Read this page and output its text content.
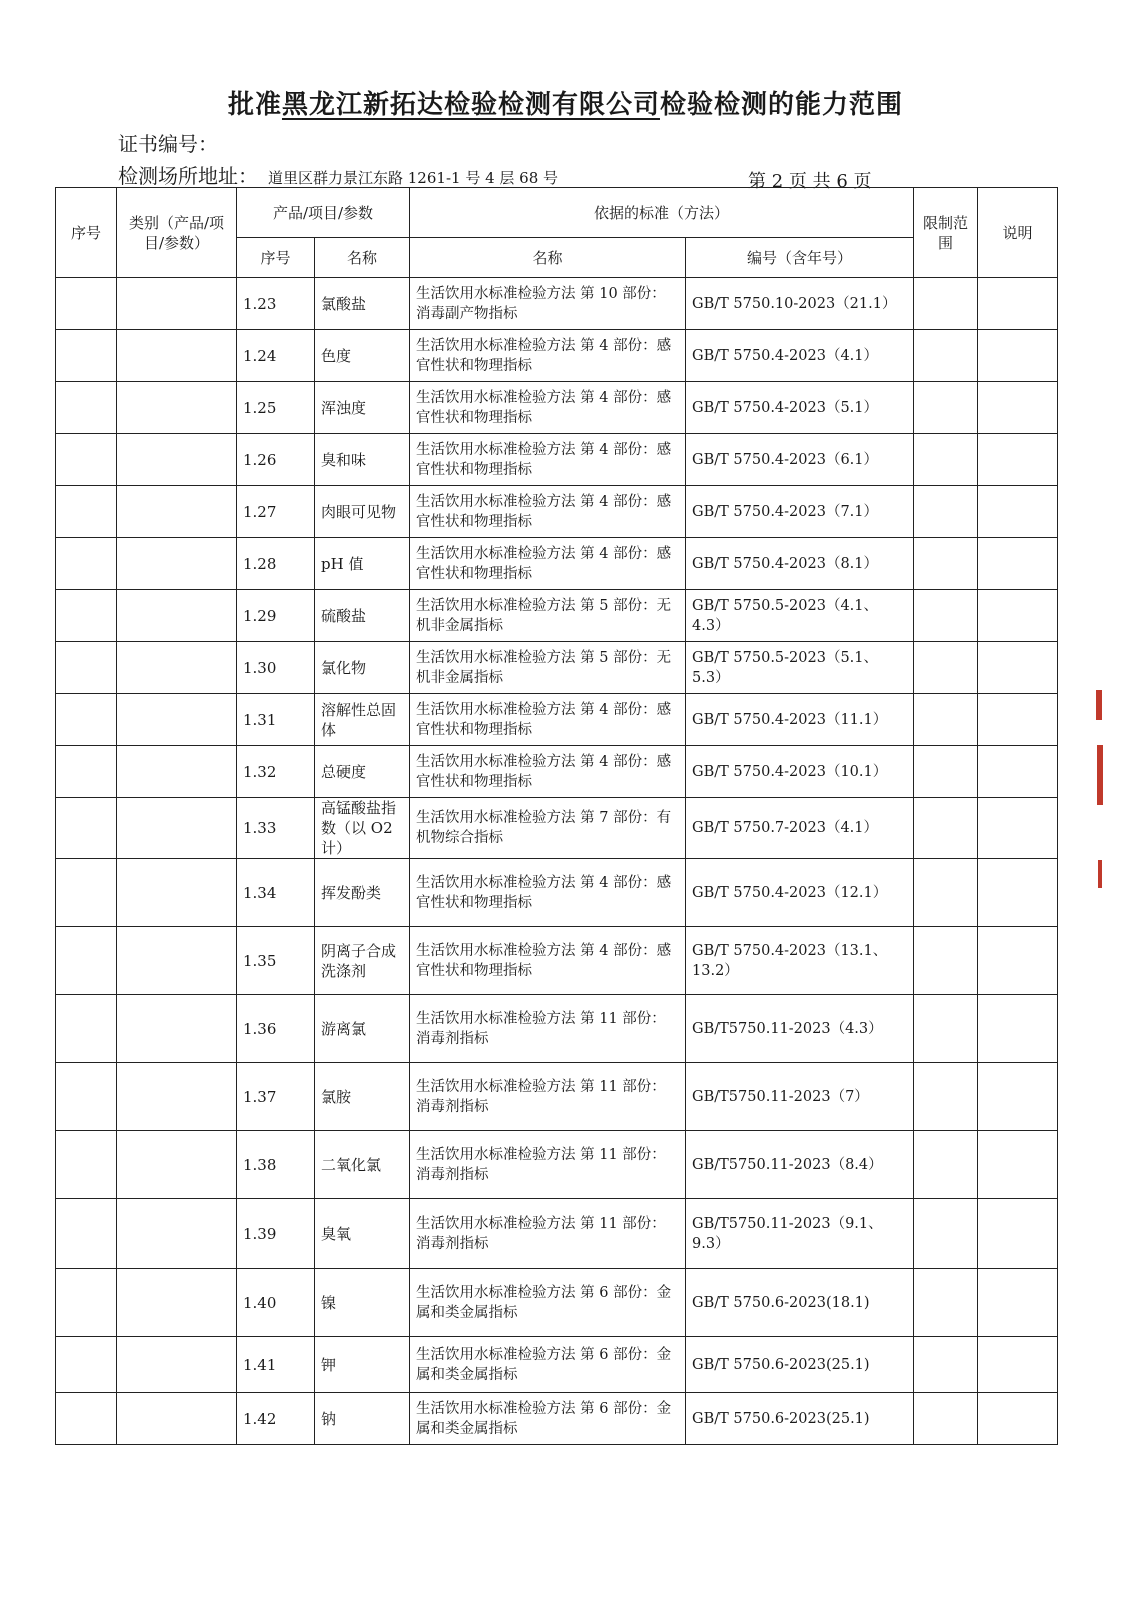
批准黑龙江新拓达检验检测有限公司检验检测的能力范围
证书编号：
检测场所地址： 道里区群力景江东路 1261-1 号 4 层 68 号	第 2 页 共 6 页
序号	类别（产品/项目/参数）	产品/项目/参数		依据的标准（方法）		限制范围	说明
		序号	名称	名称	编号（含年号）		
		1.23	氯酸盐	生活饮用水标准检验方法 第 10 部份：消毒副产物指标	GB/T 5750.10-2023（21.1）		
		1.24	色度	生活饮用水标准检验方法 第 4 部份：感官性状和物理指标	GB/T 5750.4-2023（4.1）		
		1.25	浑浊度	生活饮用水标准检验方法 第 4 部份：感官性状和物理指标	GB/T 5750.4-2023（5.1）		
		1.26	臭和味	生活饮用水标准检验方法 第 4 部份：感官性状和物理指标	GB/T 5750.4-2023（6.1）		
		1.27	肉眼可见物	生活饮用水标准检验方法 第 4 部份：感官性状和物理指标	GB/T 5750.4-2023（7.1）		
		1.28	pH 值	生活饮用水标准检验方法 第 4 部份：感官性状和物理指标	GB/T 5750.4-2023（8.1）		
		1.29	硫酸盐	生活饮用水标准检验方法 第 5 部份：无机非金属指标	GB/T 5750.5-2023（4.1、4.3）		
		1.30	氯化物	生活饮用水标准检验方法 第 5 部份：无机非金属指标	GB/T 5750.5-2023（5.1、5.3）		
		1.31	溶解性总固体	生活饮用水标准检验方法 第 4 部份：感官性状和物理指标	GB/T 5750.4-2023（11.1）		
		1.32	总硬度	生活饮用水标准检验方法 第 4 部份：感官性状和物理指标	GB/T 5750.4-2023（10.1）		
		1.33	高锰酸盐指数（以 O2 计）	生活饮用水标准检验方法 第 7 部份：有机物综合指标	GB/T 5750.7-2023（4.1）		
		1.34	挥发酚类	生活饮用水标准检验方法 第 4 部份：感官性状和物理指标	GB/T 5750.4-2023（12.1）		
		1.35	阴离子合成洗涤剂	生活饮用水标准检验方法 第 4 部份：感官性状和物理指标	GB/T 5750.4-2023（13.1、13.2）		
		1.36	游离氯	生活饮用水标准检验方法 第 11 部份：消毒剂指标	GB/T5750.11-2023（4.3）		
		1.37	氯胺	生活饮用水标准检验方法 第 11 部份：消毒剂指标	GB/T5750.11-2023（7）		
		1.38	二氧化氯	生活饮用水标准检验方法 第 11 部份：消毒剂指标	GB/T5750.11-2023（8.4）		
		1.39	臭氧	生活饮用水标准检验方法 第 11 部份：消毒剂指标	GB/T5750.11-2023（9.1、9.3）		
		1.40	镍	生活饮用水标准检验方法 第 6 部份：金属和类金属指标	GB/T 5750.6-2023(18.1)		
		1.41	钾	生活饮用水标准检验方法 第 6 部份：金属和类金属指标	GB/T 5750.6-2023(25.1)		
		1.42	钠	生活饮用水标准检验方法 第 6 部份：金属和类金属指标	GB/T 5750.6-2023(25.1)		
